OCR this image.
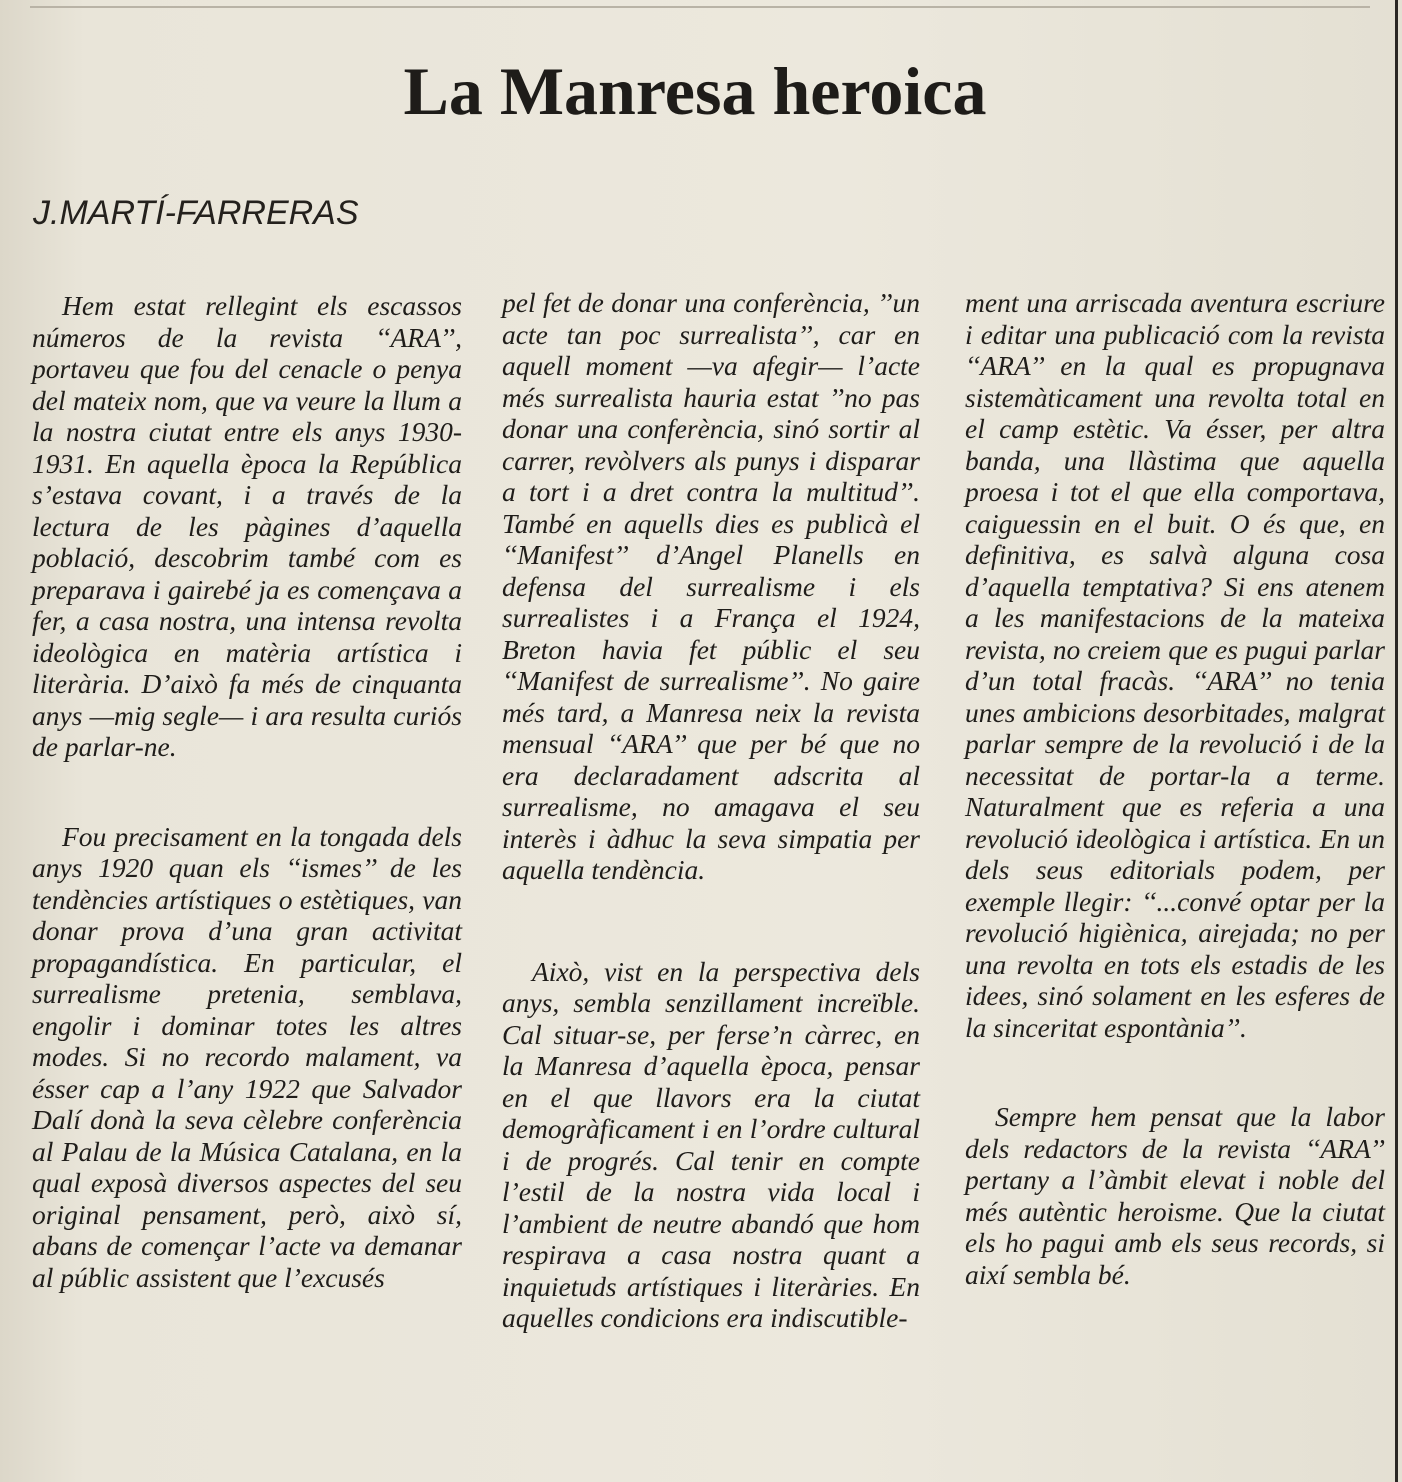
La Manresa heroica
J.MARTÍ-FARRERAS

Hem estat rellegint els escassos números de la revista ‘‘ARA’’, portaveu que fou del cenacle o penya del mateix nom, que va veure la llum a la nostra ciutat entre els anys 1930-1931. En aquella època la República s’estava covant, i a través de la lectura de les pàgines d’aquella població, descobrim també com es preparava i gairebé ja es començava a fer, a casa nostra, una intensa revolta ideològica en matèria artística i literària. D’això fa més de cinquanta anys —mig segle— i ara resulta curiós de parlar-ne.

Fou precisament en la tongada dels anys 1920 quan els ‘‘ismes’’ de les tendències artístiques o estètiques, van donar prova d’una gran activitat propagandística. En particular, el surrealisme pretenia, semblava, engolir i dominar totes les altres modes. Si no recordo malament, va ésser cap a l’any 1922 que Salvador Dalí donà la seva cèlebre conferència al Palau de la Música Catalana, en la qual exposà diversos aspectes del seu original pensament, però, això sí, abans de començar l’acte va demanar al públic assistent que l’excusés

pel fet de donar una conferència, ’’un acte tan poc surrealista’’, car en aquell moment —va afegir— l’acte més surrealista hauria estat ’’no pas donar una conferència, sinó sortir al carrer, revòlvers als punys i disparar a tort i a dret contra la multitud’’. També en aquells dies es publicà el ‘‘Manifest’’ d’Angel Planells en defensa del surrealisme i els surrealistes i a França el 1924, Breton havia fet públic el seu ‘‘Manifest de surrealisme’’. No gaire més tard, a Manresa neix la revista mensual ‘‘ARA’’ que per bé que no era declaradament adscrita al surrealisme, no amagava el seu interès i àdhuc la seva simpatia per aquella tendència.

Això, vist en la perspectiva dels anys, sembla senzillament increïble. Cal situar-se, per ferse’n càrrec, en la Manresa d’aquella època, pensar en el que llavors era la ciutat demogràficament i en l’ordre cultural i de progrés. Cal tenir en compte l’estil de la nostra vida local i l’ambient de neutre abandó que hom respirava a casa nostra quant a inquietuds artístiques i literàries. En aquelles condicions era indiscutible-

ment una arriscada aventura escriure i editar una publicació com la revista ‘‘ARA’’ en la qual es propugnava sistemàticament una revolta total en el camp estètic. Va ésser, per altra banda, una llàstima que aquella proesa i tot el que ella comportava, caiguessin en el buit. O és que, en definitiva, es salvà alguna cosa d’aquella temptativa? Si ens atenem a les manifestacions de la mateixa revista, no creiem que es pugui parlar d’un total fracàs. ‘‘ARA’’ no tenia unes ambicions desorbitades, malgrat parlar sempre de la revolució i de la necessitat de portar-la a terme. Naturalment que es referia a una revolució ideològica i artística. En un dels seus editorials podem, per exemple llegir: ‘‘...convé optar per la revolució higiènica, airejada; no per una revolta en tots els estadis de les idees, sinó solament en les esferes de la sinceritat espontània’’.

Sempre hem pensat que la labor dels redactors de la revista ‘‘ARA’’ pertany a l’àmbit elevat i noble del més autèntic heroisme. Que la ciutat els ho pagui amb els seus records, si així sembla bé.
